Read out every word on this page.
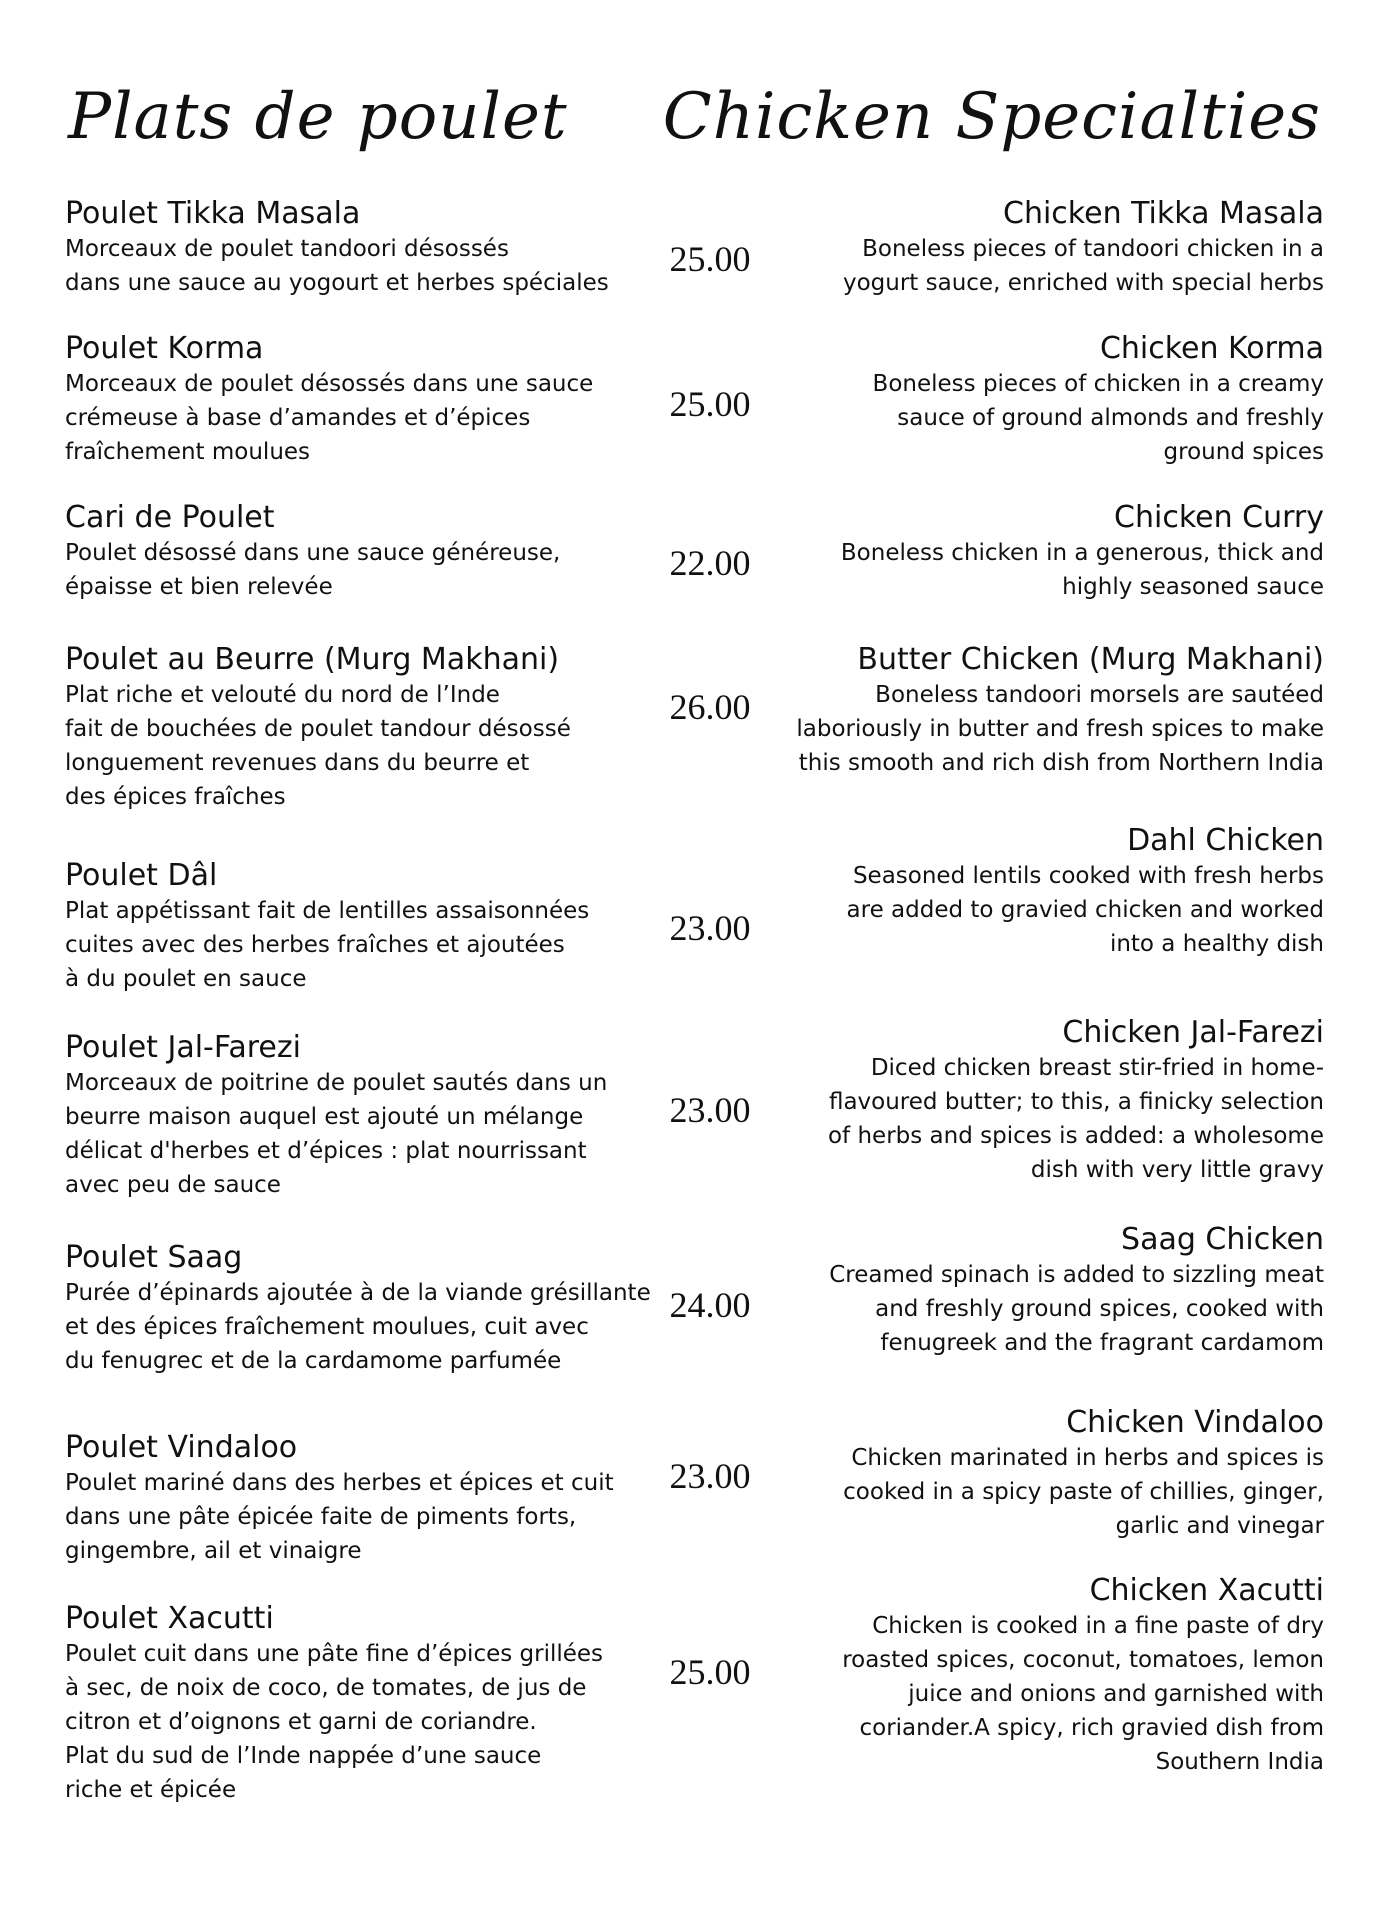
Plats de poulet Chicken Specialties
Poulet Tikka Masala
Morceaux de poulet tandoori désossés
dans une sauce au yogourt et herbes spéciales
25.00
Chicken Tikka Masala
Boneless pieces of tandoori chicken in a
yogurt sauce, enriched with special herbs
Poulet Korma
Morceaux de poulet désossés dans une sauce
crémeuse à base d’amandes et d’épices
fraîchement moulues
25.00
Chicken Korma
Boneless pieces of chicken in a creamy
sauce of ground almonds and freshly
ground spices
Cari de Poulet
Poulet désossé dans une sauce généreuse,
épaisse et bien relevée
22.00
Chicken Curry
Boneless chicken in a generous, thick and
highly seasoned sauce
Poulet au Beurre (Murg Makhani)
Plat riche et velouté du nord de l’Inde
fait de bouchées de poulet tandour désossé
longuement revenues dans du beurre et
des épices fraîches
26.00
Butter Chicken (Murg Makhani)
Boneless tandoori morsels are sautéed
laboriously in butter and fresh spices to make
this smooth and rich dish from Northern India
Poulet Dâl
Plat appétissant fait de lentilles assaisonnées
cuites avec des herbes fraîches et ajoutées
à du poulet en sauce
23.00
Dahl Chicken
Seasoned lentils cooked with fresh herbs
are added to gravied chicken and worked
into a healthy dish
Poulet Jal-Farezi
Morceaux de poitrine de poulet sautés dans un
beurre maison auquel est ajouté un mélange
délicat d'herbes et d’épices : plat nourrissant
avec peu de sauce
23.00
Chicken Jal-Farezi
Diced chicken breast stir-fried in home-
flavoured butter; to this, a finicky selection
of herbs and spices is added: a wholesome
dish with very little gravy
Poulet Saag
Purée d’épinards ajoutée à de la viande grésillante
et des épices fraîchement moulues, cuit avec
du fenugrec et de la cardamome parfumée
24.00
Saag Chicken
Creamed spinach is added to sizzling meat
and freshly ground spices, cooked with
fenugreek and the fragrant cardamom
Poulet Vindaloo
Poulet mariné dans des herbes et épices et cuit
dans une pâte épicée faite de piments forts,
gingembre, ail et vinaigre
23.00
Chicken Vindaloo
Chicken marinated in herbs and spices is
cooked in a spicy paste of chillies, ginger,
garlic and vinegar
Poulet Xacutti
Poulet cuit dans une pâte fine d’épices grillées
à sec, de noix de coco, de tomates, de jus de
citron et d’oignons et garni de coriandre.
Plat du sud de l’Inde nappée d’une sauce
riche et épicée
25.00
Chicken Xacutti
Chicken is cooked in a fine paste of dry
roasted spices, coconut, tomatoes, lemon
juice and onions and garnished with
coriander.A spicy, rich gravied dish from
Southern India
